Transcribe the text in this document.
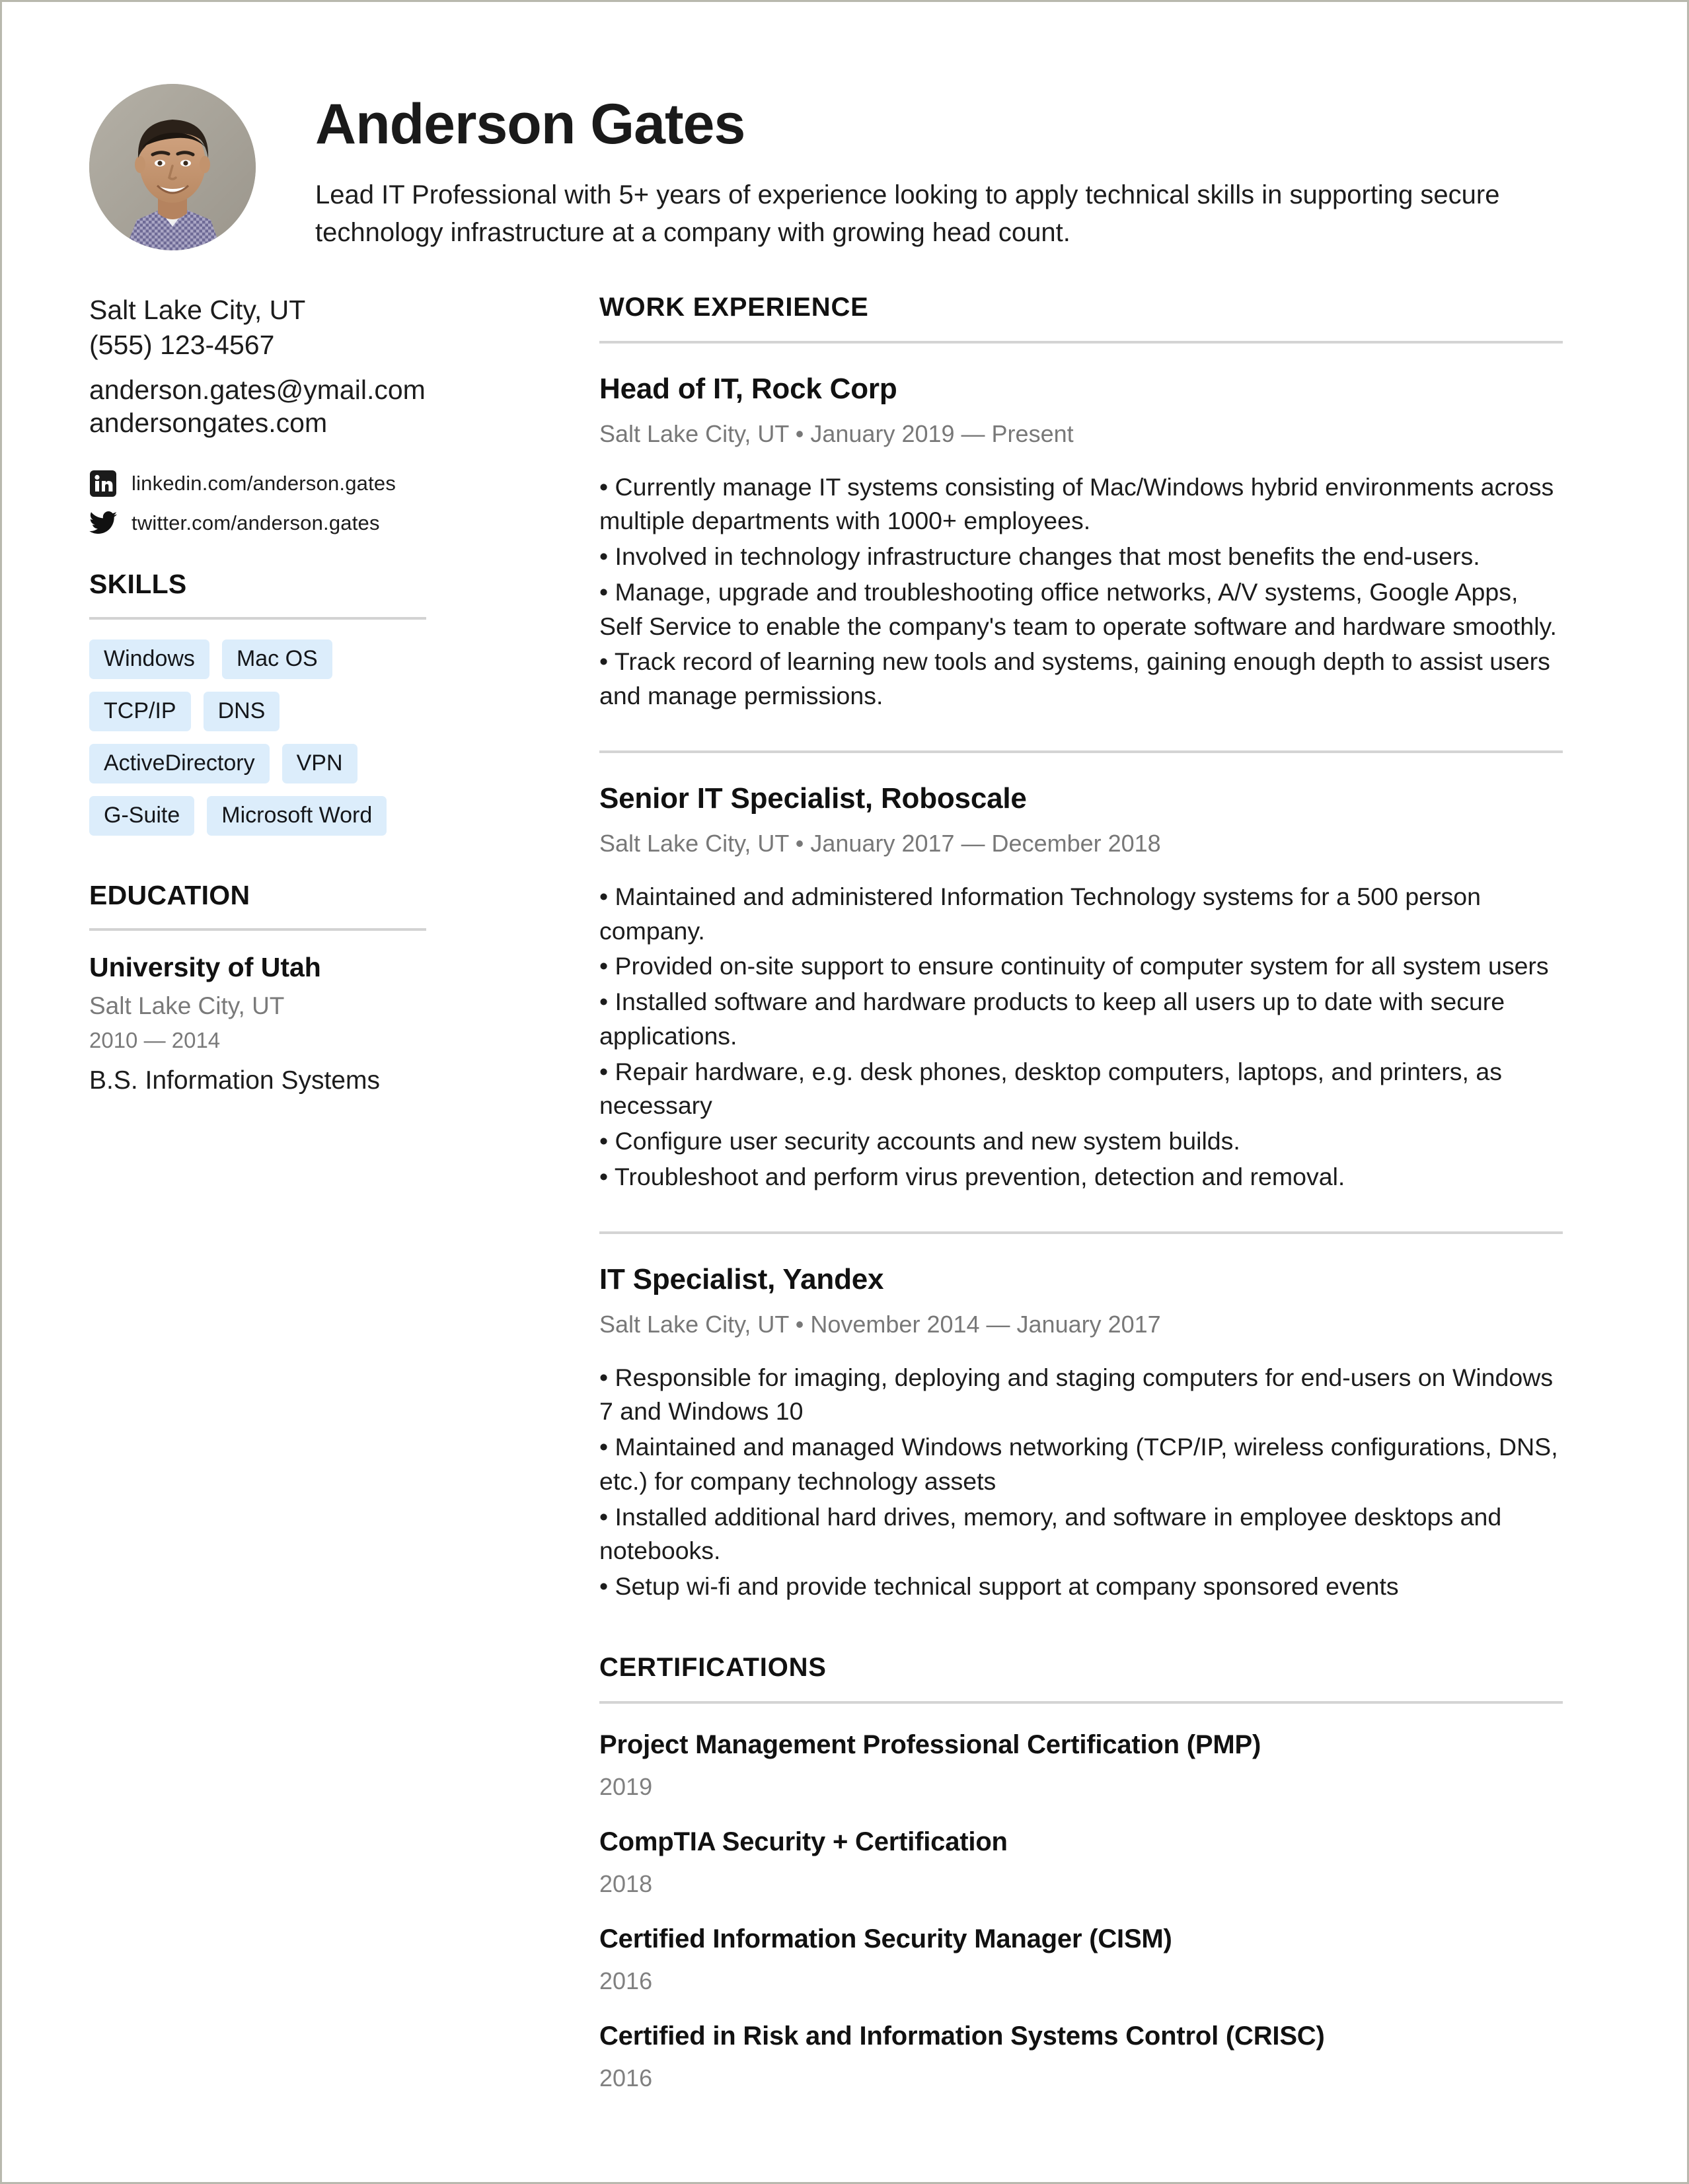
Anderson Gates
Lead IT Professional with 5+ years of experience looking to apply technical skills in supporting secure technology infrastructure at a company with growing head count.
Salt Lake City, UT
(555) 123-4567
anderson.gates@ymail.com
andersongates.com
linkedin.com/anderson.gates
twitter.com/anderson.gates
SKILLS
Windows	Mac OS
TCP/IP	DNS
ActiveDirectory	VPN
G-Suite	Microsoft Word
EDUCATION
University of Utah
Salt Lake City, UT
2010 — 2014
B.S. Information Systems
WORK EXPERIENCE
Head of IT, Rock Corp
Salt Lake City, UT • January 2019 — Present
• Currently manage IT systems consisting of Mac/Windows hybrid environments across multiple departments with 1000+ employees.
• Involved in technology infrastructure changes that most benefits the end-users.
• Manage, upgrade and troubleshooting office networks, A/V systems, Google Apps, Self Service to enable the company's team to operate software and hardware smoothly.
• Track record of learning new tools and systems, gaining enough depth to assist users and manage permissions.
Senior IT Specialist, Roboscale
Salt Lake City, UT • January 2017 — December 2018
• Maintained and administered Information Technology systems for a 500 person company.
• Provided on-site support to ensure continuity of computer system for all system users
• Installed software and hardware products to keep all users up to date with secure applications.
• Repair hardware, e.g. desk phones, desktop computers, laptops, and printers, as necessary
• Configure user security accounts and new system builds.
• Troubleshoot and perform virus prevention, detection and removal.
IT Specialist, Yandex
Salt Lake City, UT • November 2014 — January 2017
• Responsible for imaging, deploying and staging computers for end-users on Windows 7 and Windows 10
• Maintained and managed Windows networking (TCP/IP, wireless configurations, DNS, etc.) for company technology assets
• Installed additional hard drives, memory, and software in employee desktops and notebooks.
• Setup wi-fi and provide technical support at company sponsored events
CERTIFICATIONS
Project Management Professional Certification (PMP)
2019
CompTIA Security + Certification
2018
Certified Information Security Manager (CISM)
2016
Certified in Risk and Information Systems Control (CRISC)
2016
